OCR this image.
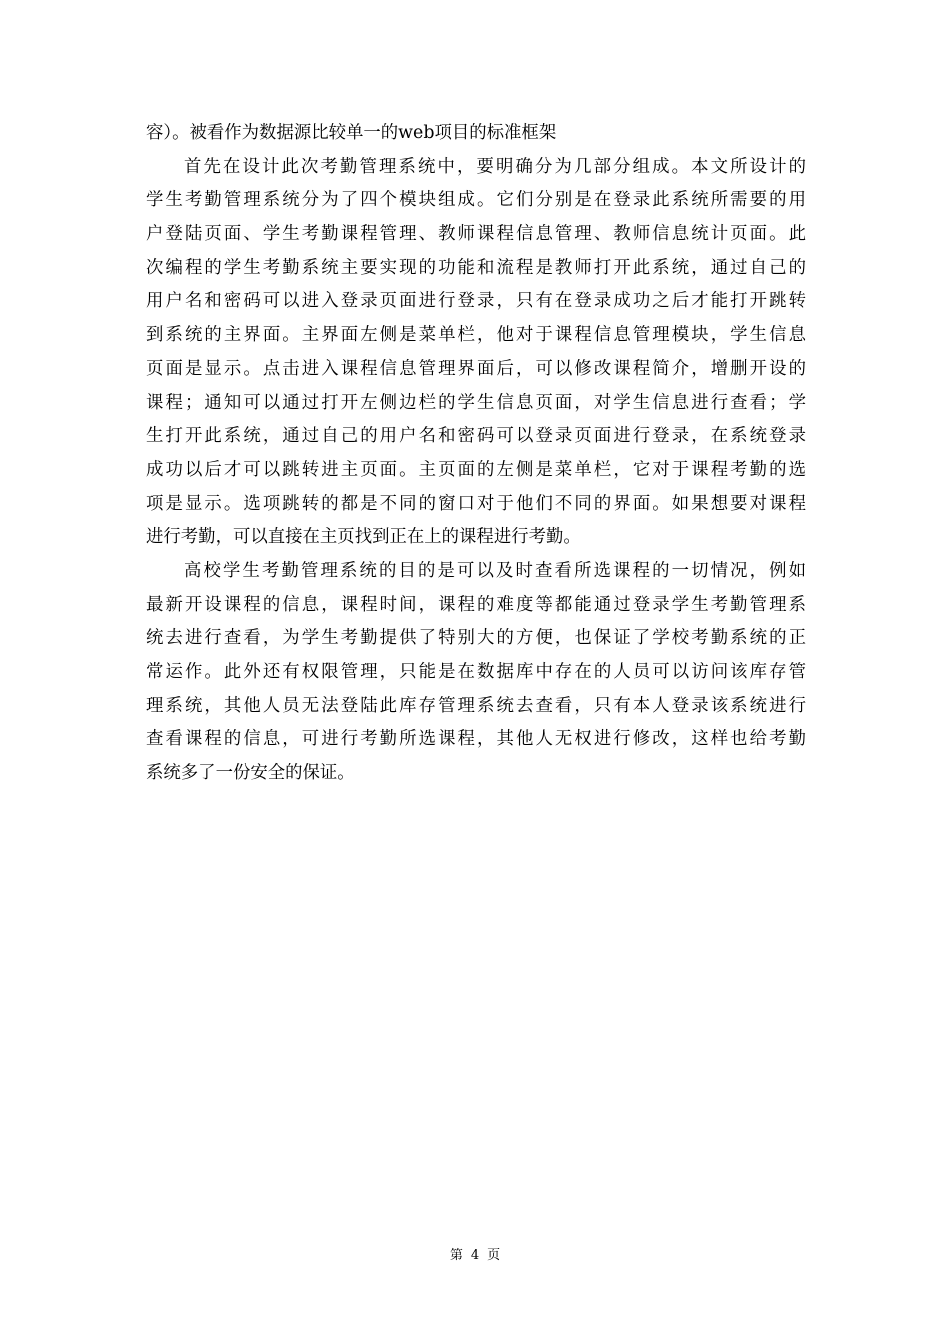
容）。被看作为数据源比较单一的web项目的标准框架
首先在设计此次考勤管理系统中，要明确分为几部分组成。本文所设计的
学生考勤管理系统分为了四个模块组成。它们分别是在登录此系统所需要的用
户登陆页面、学生考勤课程管理、教师课程信息管理、教师信息统计页面。此
次编程的学生考勤系统主要实现的功能和流程是教师打开此系统，通过自己的
用户名和密码可以进入登录页面进行登录，只有在登录成功之后才能打开跳转
到系统的主界面。主界面左侧是菜单栏，他对于课程信息管理模块，学生信息
页面是显示。点击进入课程信息管理界面后，可以修改课程简介，增删开设的
课程；通知可以通过打开左侧边栏的学生信息页面，对学生信息进行查看；学
生打开此系统，通过自己的用户名和密码可以登录页面进行登录，在系统登录
成功以后才可以跳转进主页面。主页面的左侧是菜单栏，它对于课程考勤的选
项是显示。选项跳转的都是不同的窗口对于他们不同的界面。如果想要对课程
进行考勤，可以直接在主页找到正在上的课程进行考勤。
高校学生考勤管理系统的目的是可以及时查看所选课程的一切情况，例如
最新开设课程的信息，课程时间，课程的难度等都能通过登录学生考勤管理系
统去进行查看，为学生考勤提供了特别大的方便，也保证了学校考勤系统的正
常运作。此外还有权限管理，只能是在数据库中存在的人员可以访问该库存管
理系统，其他人员无法登陆此库存管理系统去查看，只有本人登录该系统进行
查看课程的信息，可进行考勤所选课程，其他人无权进行修改，这样也给考勤
系统多了一份安全的保证。
第 4 页
